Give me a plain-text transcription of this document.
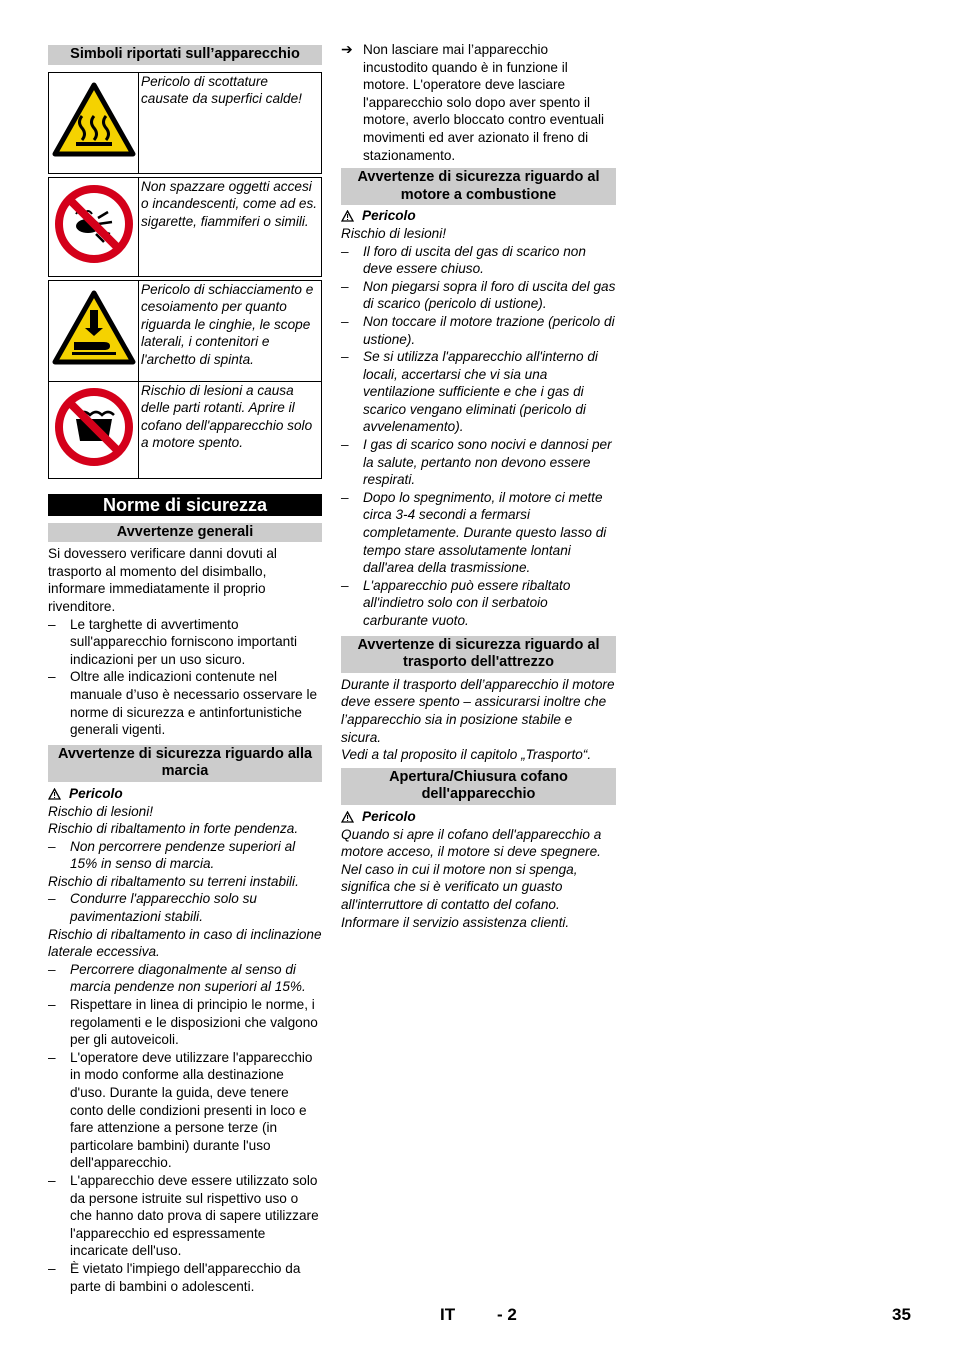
Simboli riportati sull’apparecchio
	Pericolo di scottature causate da superfici calde!
	Non spazzare oggetti accesi o incandescenti, come ad es. sigarette, fiammiferi o simili.
	Pericolo di schiacciamento e cesoiamento per quanto riguarda le cinghie, le scope laterali, i contenitori e l'archetto di spinta.
	Rischio di lesioni a causa delle parti rotanti. Aprire il cofano dell'apparecchio solo a motore spento.
Norme di sicurezza
Avvertenze generali

Si dovessero verificare danni dovuti al trasporto al momento del disimballo, informare immediatamente il proprio rivenditore.

–	Le targhette di avvertimento sull'apparecchio forniscono importanti indicazioni per un uso sicuro.
–	Oltre alle indicazioni contenute nel manuale d’uso è necessario osservare le norme di sicurezza e antinfortunistiche generali vigenti.
Avvertenze di sicurezza riguardo alla marcia
Pericolo

Rischio di lesioni!

Rischio di ribaltamento in forte pendenza.

–	Non percorrere pendenze superiori al 15% in senso di marcia.

Rischio di ribaltamento su terreni instabili.

–	Condurre l'apparecchio solo su pavimentazioni stabili.

Rischio di ribaltamento in caso di inclinazione laterale eccessiva.

–	Percorrere diagonalmente al senso di marcia pendenze non superiori al 15%.
–	Rispettare in linea di principio le norme, i regolamenti e le disposizioni che valgono per gli autoveicoli.
–	L'operatore deve utilizzare l'apparecchio in modo conforme alla destinazione d'uso. Durante la guida, deve tenere conto delle condizioni presenti in loco e fare attenzione a persone terze (in particolare bambini) durante l'uso dell'apparecchio.
–	L'apparecchio deve essere utilizzato solo da persone istruite sul rispettivo uso o che hanno dato prova di sapere utilizzare l'apparecchio ed espressamente incaricate dell'uso.
–	È vietato l'impiego dell'apparecchio da parte di bambini o adolescenti.
➔ Non lasciare mai l’apparecchio incustodito quando è in funzione il motore. L'operatore deve lasciare l'apparecchio solo dopo aver spento il motore, averlo bloccato contro eventuali movimenti ed aver azionato il freno di stazionamento.
Avvertenze di sicurezza riguardo al motore a combustione
Pericolo

Rischio di lesioni!

–	Il foro di uscita del gas di scarico non deve essere chiuso.
–	Non piegarsi sopra il foro di uscita del gas di scarico (pericolo di ustione).
–	Non toccare il motore trazione (pericolo di ustione).
–	Se si utilizza l'apparecchio all'interno di locali, accertarsi che vi sia una ventilazione sufficiente e che i gas di scarico vengano eliminati (pericolo di avvelenamento).
–	I gas di scarico sono nocivi e dannosi per la salute, pertanto non devono essere respirati.
–	Dopo lo spegnimento, il motore ci mette circa 3-4 secondi a fermarsi completamente. Durante questo lasso di tempo stare assolutamente lontani dall'area della trasmissione.
–	L'apparecchio può essere ribaltato all'indietro solo con il serbatoio carburante vuoto.
Avvertenze di sicurezza riguardo al trasporto dell'attrezzo

Durante il trasporto dell’apparecchio il motore deve essere spento – assicurarsi inoltre che l’apparecchio sia in posizione stabile e sicura.

Vedi a tal proposito il capitolo „Trasporto“.

Apertura/Chiusura cofano dell'apparecchio
Pericolo

Quando si apre il cofano dell'apparecchio a motore acceso, il motore si deve spegnere. Nel caso in cui il motore non si spenga, significa che si è verificato un guasto all'interruttore di contatto del cofano. Informare il servizio assistenza clienti.

IT - 2	35
